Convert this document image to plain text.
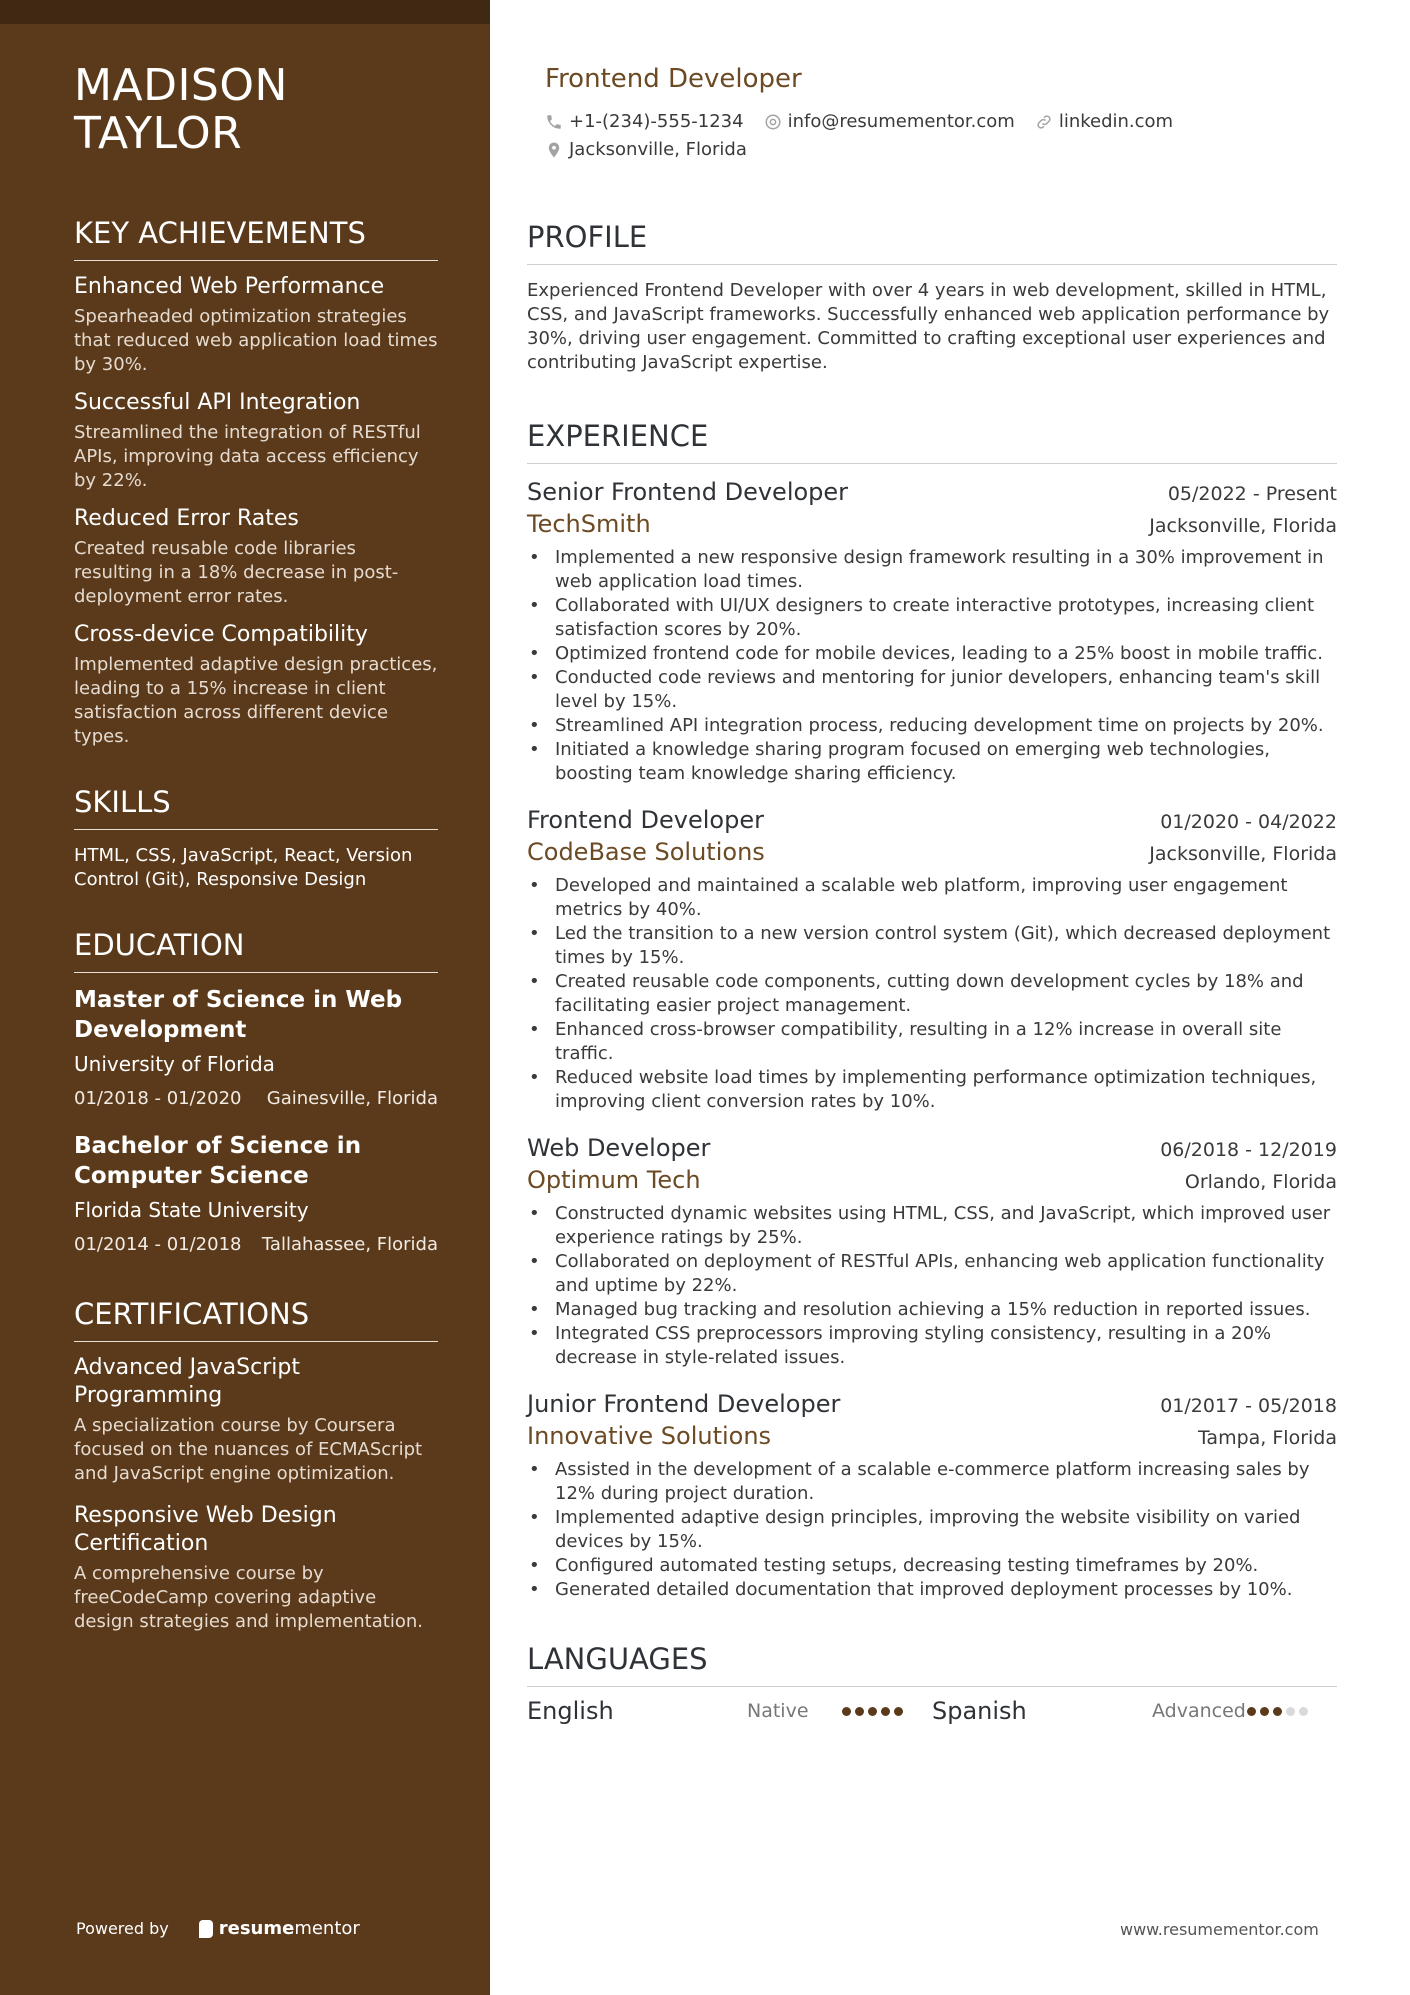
MADISON
TAYLOR
KEY ACHIEVEMENTS

Enhanced Web Performance

Spearheaded optimization strategies that reduced web application load times by 30%.

Successful API Integration

Streamlined the integration of RESTful APIs, improving data access efficiency by 22%.

Reduced Error Rates

Created reusable code libraries resulting in a 18% decrease in post-deployment error rates.

Cross-device Compatibility

Implemented adaptive design practices, leading to a 15% increase in client satisfaction across different device types.

SKILLS
HTML, CSS, JavaScript, React, Version Control (Git), Responsive Design
EDUCATION

Master of Science in Web Development

University of Florida

01/2018 - 01/2020 Gainesville, Florida

Bachelor of Science in Computer Science

Florida State University

01/2014 - 01/2018 Tallahassee, Florida
CERTIFICATIONS

Advanced JavaScript Programming

A specialization course by Coursera focused on the nuances of ECMAScript and JavaScript engine optimization.

Responsive Web Design Certification

A comprehensive course by freeCodeCamp covering adaptive design strategies and implementation.

Powered by	resume mentor

Frontend Developer

+1-(234)-555-1234 info@resumementor.com linkedin.com
Jacksonville, Florida
PROFILE

Experienced Frontend Developer with over 4 years in web development, skilled in HTML, CSS, and JavaScript frameworks. Successfully enhanced web application performance by 30%, driving user engagement. Committed to crafting exceptional user experiences and contributing JavaScript expertise.

EXPERIENCE
Senior Frontend Developer	05/2022 - Present
TechSmith	Jacksonville, Florida
• Implemented a new responsive design framework resulting in a 30% improvement in web application load times.
• Collaborated with UI/UX designers to create interactive prototypes, increasing client satisfaction scores by 20%.
• Optimized frontend code for mobile devices, leading to a 25% boost in mobile traffic.
• Conducted code reviews and mentoring for junior developers, enhancing team's skill level by 15%.
• Streamlined API integration process, reducing development time on projects by 20%.
• Initiated a knowledge sharing program focused on emerging web technologies, boosting team knowledge sharing efficiency.
Frontend Developer	01/2020 - 04/2022
CodeBase Solutions	Jacksonville, Florida
• Developed and maintained a scalable web platform, improving user engagement metrics by 40%.
• Led the transition to a new version control system (Git), which decreased deployment times by 15%.
• Created reusable code components, cutting down development cycles by 18% and facilitating easier project management.
• Enhanced cross-browser compatibility, resulting in a 12% increase in overall site traffic.
• Reduced website load times by implementing performance optimization techniques, improving client conversion rates by 10%.
Web Developer	06/2018 - 12/2019
Optimum Tech	Orlando, Florida
• Constructed dynamic websites using HTML, CSS, and JavaScript, which improved user experience ratings by 25%.
• Collaborated on deployment of RESTful APIs, enhancing web application functionality and uptime by 22%.
• Managed bug tracking and resolution achieving a 15% reduction in reported issues.
• Integrated CSS preprocessors improving styling consistency, resulting in a 20% decrease in style-related issues.
Junior Frontend Developer	01/2017 - 05/2018
Innovative Solutions	Tampa, Florida
• Assisted in the development of a scalable e-commerce platform increasing sales by 12% during project duration.
• Implemented adaptive design principles, improving the website visibility on varied devices by 15%.
• Configured automated testing setups, decreasing testing timeframes by 20%.
• Generated detailed documentation that improved deployment processes by 10%.
LANGUAGES
English	Native	Spanish	Advanced
www.resumementor.com
